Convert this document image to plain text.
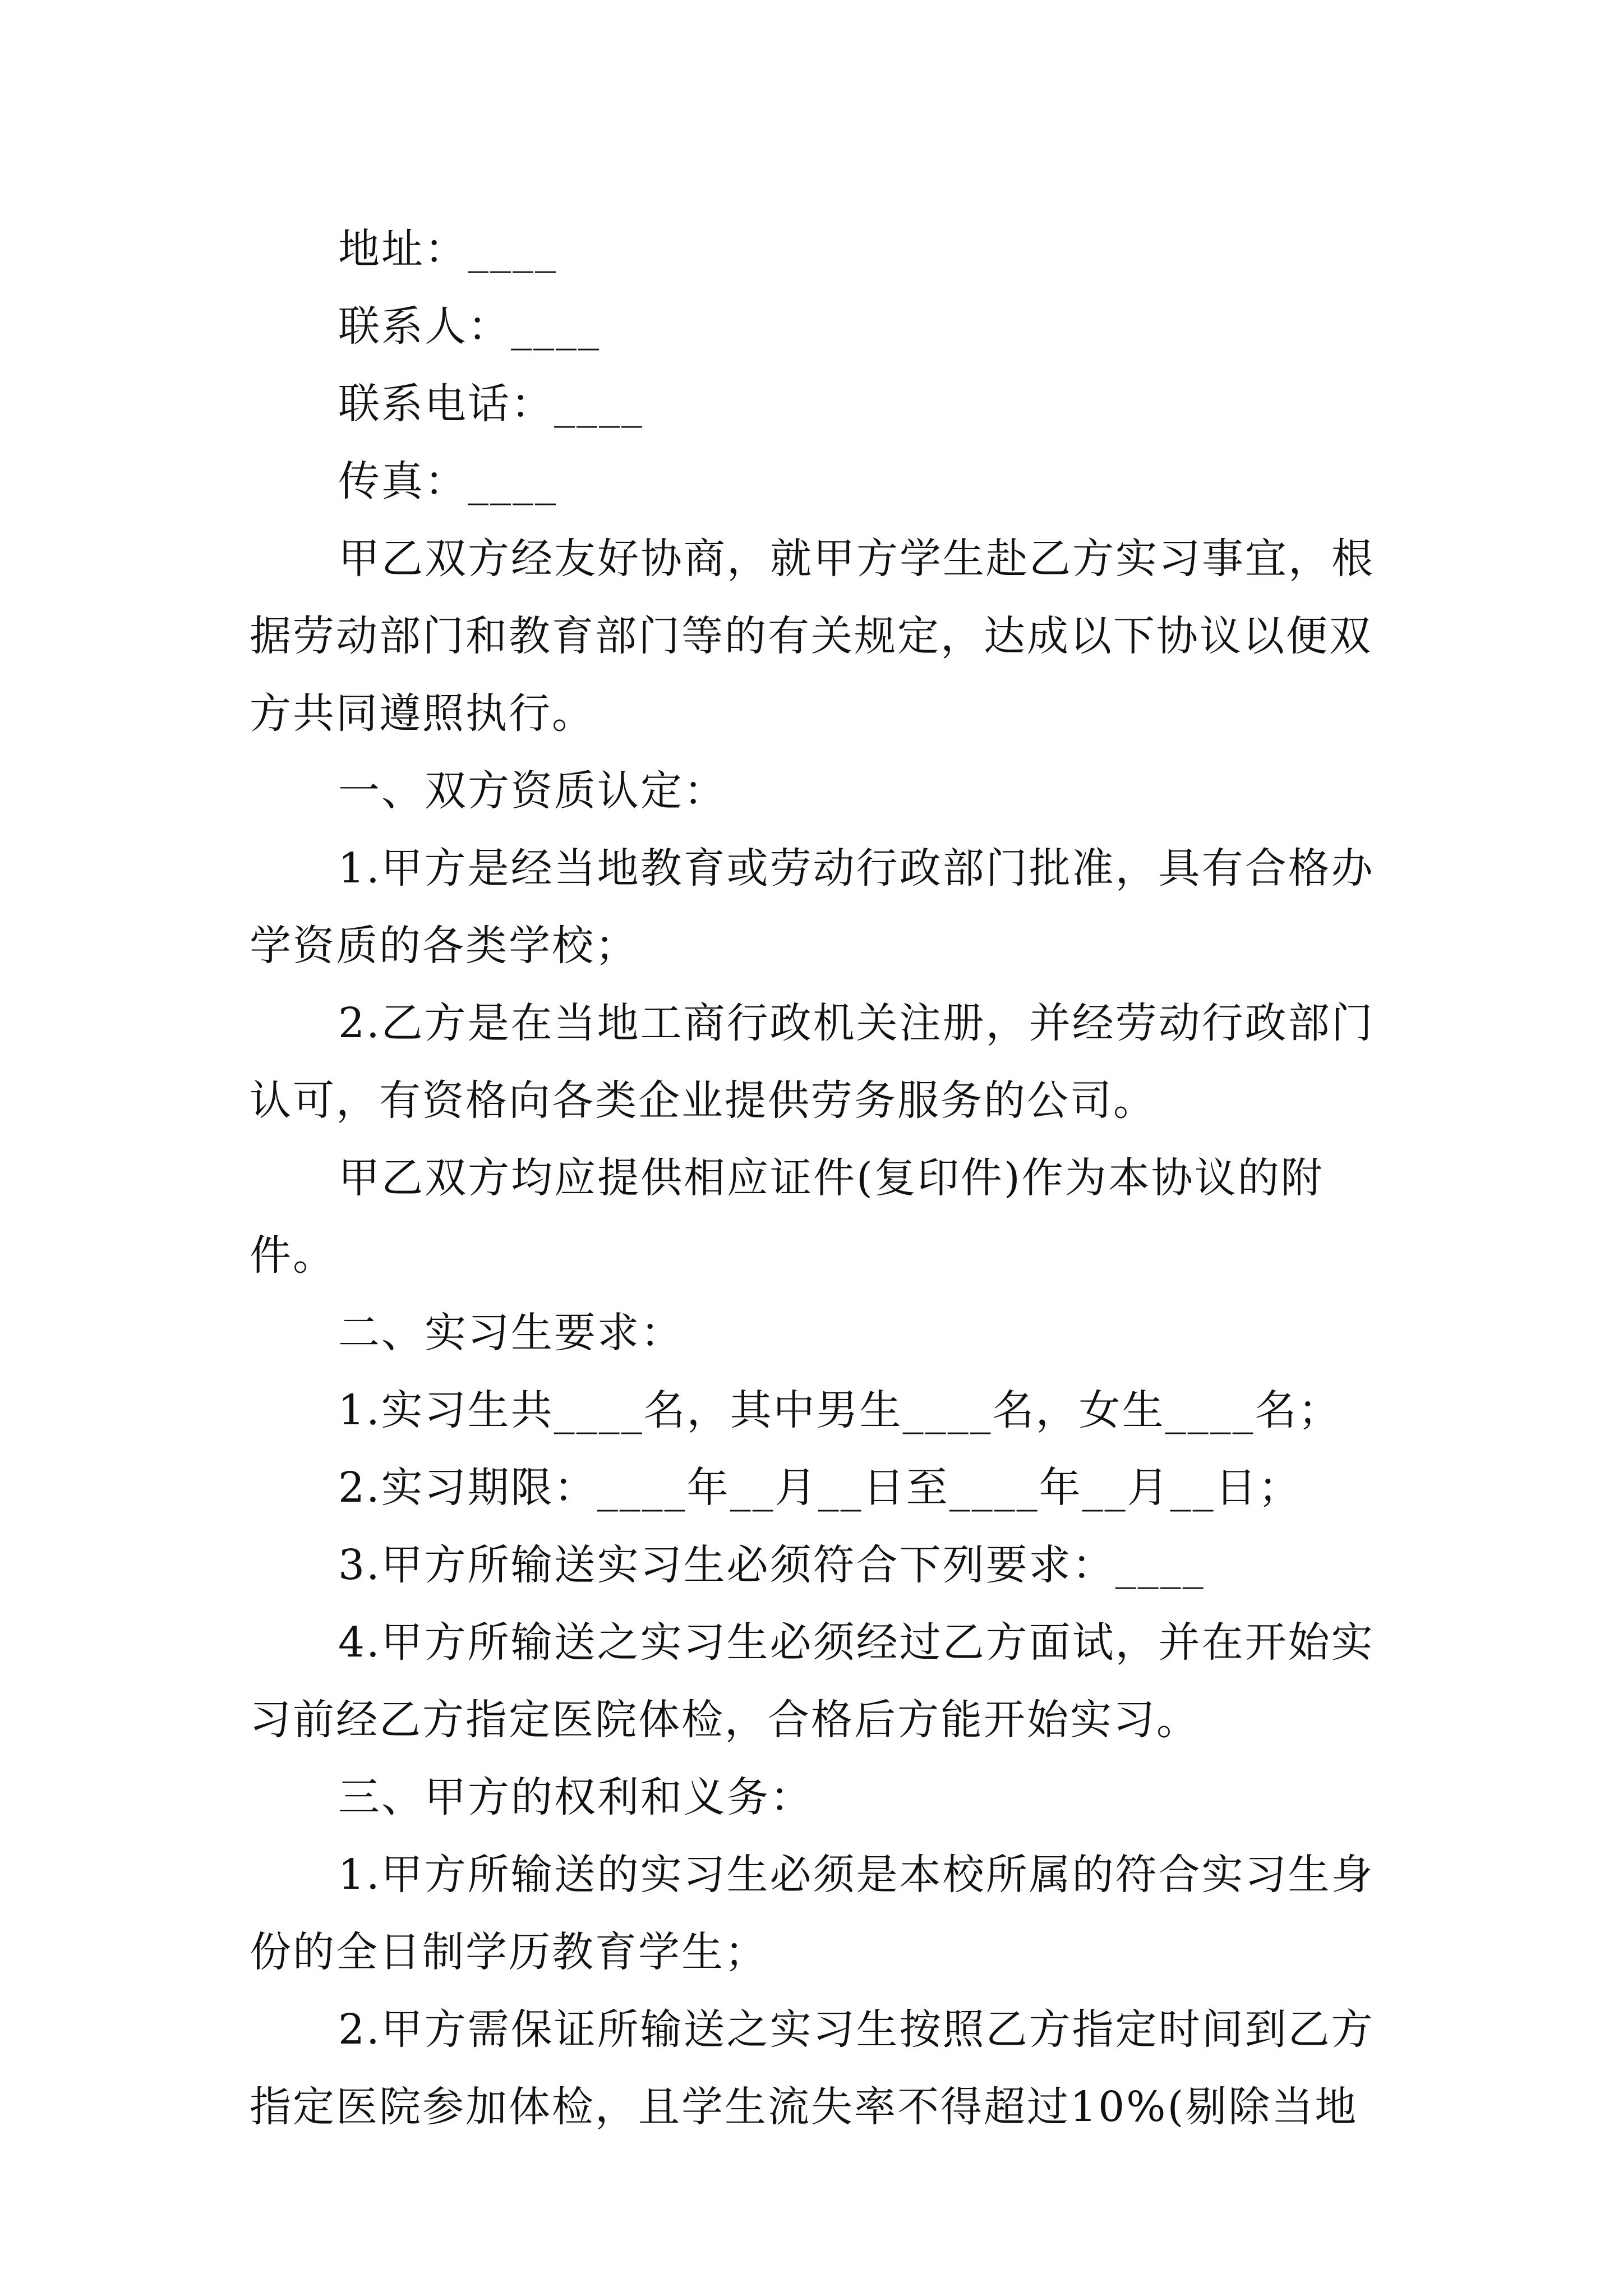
地址：____

联系人：____

联系电话：____

传真：____

甲乙双方经友好协商，就甲方学生赴乙方实习事宜，根据劳动部门和教育部门等的有关规定，达成以下协议以便双方共同遵照执行。

一、双方资质认定：

1.甲方是经当地教育或劳动行政部门批准，具有合格办学资质的各类学校；

2.乙方是在当地工商行政机关注册，并经劳动行政部门认可，有资格向各类企业提供劳务服务的公司。

甲乙双方均应提供相应证件(复印件)作为本协议的附件。

二、实习生要求：

1.实习生共____名，其中男生____名，女生____名；

2.实习期限：____年__月__日至____年__月__日；

3.甲方所输送实习生必须符合下列要求：____

4.甲方所输送之实习生必须经过乙方面试，并在开始实习前经乙方指定医院体检，合格后方能开始实习。

三、甲方的权利和义务：

1.甲方所输送的实习生必须是本校所属的符合实习生身份的全日制学历教育学生；

2.甲方需保证所输送之实习生按照乙方指定时间到乙方指定医院参加体检，且学生流失率不得超过10%(剔除当地
